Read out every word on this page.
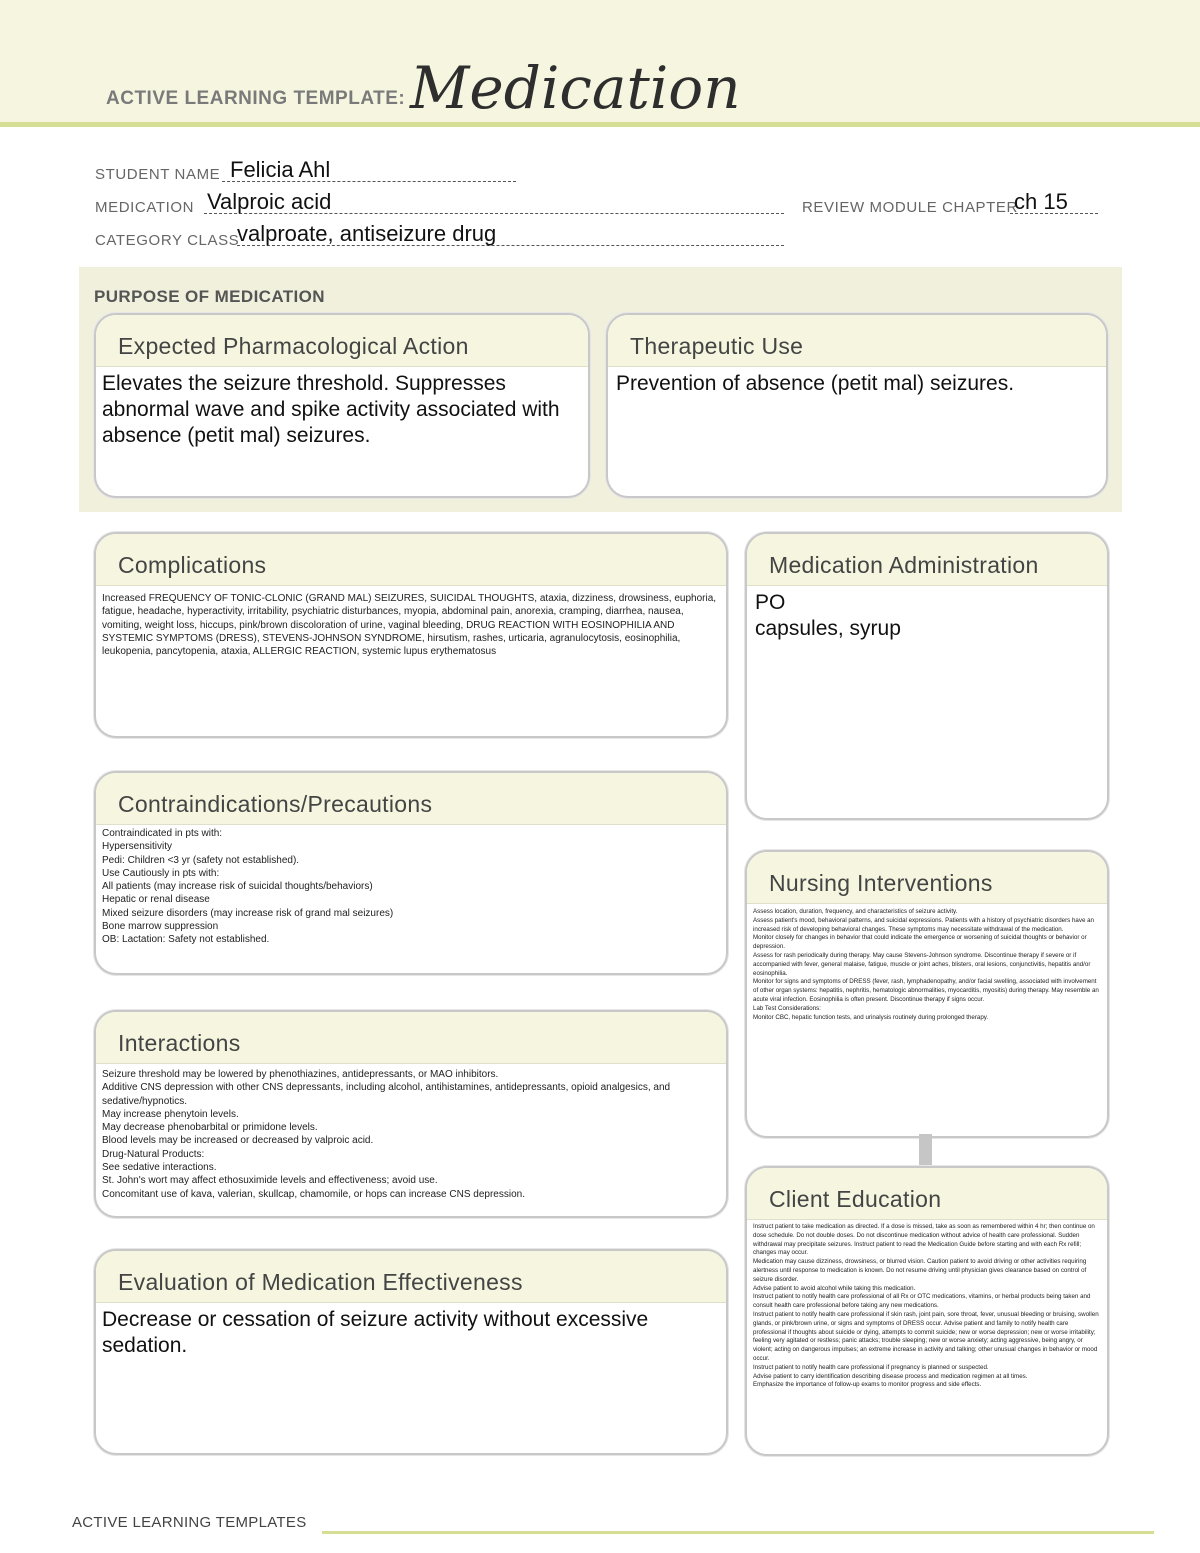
ACTIVE LEARNING TEMPLATE: Medication
STUDENT NAME Felicia Ahl
MEDICATION Valproic acid	REVIEW MODULE CHAPTER
ch 15
CATEGORY CLASS
valproate, antiseizure drug
PURPOSE OF MEDICATION
Expected Pharmacological Action
Elevates the seizure threshold. Suppresses abnormal wave and spike activity associated with absence (petit mal) seizures.
Therapeutic Use
Prevention of absence (petit mal) seizures.
Complications
Increased FREQUENCY OF TONIC-CLONIC (GRAND MAL) SEIZURES, SUICIDAL THOUGHTS, ataxia, dizziness, drowsiness, euphoria, fatigue, headache, hyperactivity, irritability, psychiatric disturbances, myopia, abdominal pain, anorexia, cramping, diarrhea, nausea, vomiting, weight loss, hiccups, pink/brown discoloration of urine, vaginal bleeding, DRUG REACTION WITH EOSINOPHILIA AND SYSTEMIC SYMPTOMS (DRESS), STEVENS-JOHNSON SYNDROME, hirsutism, rashes, urticaria, agranulocytosis, eosinophilia, leukopenia, pancytopenia, ataxia, ALLERGIC REACTION, systemic lupus erythematosus
Medication Administration
PO
capsules, syrup
Contraindications/Precautions
Contraindicated in pts with:
Hypersensitivity
Pedi: Children <3 yr (safety not established).
Use Cautiously in pts with:
All patients (may increase risk of suicidal thoughts/behaviors)
Hepatic or renal disease
Mixed seizure disorders (may increase risk of grand mal seizures)
Bone marrow suppression
OB: Lactation: Safety not established.
Nursing Interventions
Assess location, duration, frequency, and characteristics of seizure activity.
Assess patient's mood, behavioral patterns, and suicidal expressions. Patients with a history of psychiatric disorders have an increased risk of developing behavioral changes. These symptoms may necessitate withdrawal of the medication.
Monitor closely for changes in behavior that could indicate the emergence or worsening of suicidal thoughts or behavior or depression.
Assess for rash periodically during therapy. May cause Stevens-Johnson syndrome. Discontinue therapy if severe or if accompanied with fever, general malaise, fatigue, muscle or joint aches, blisters, oral lesions, conjunctivitis, hepatitis and/or eosinophilia.
Monitor for signs and symptoms of DRESS (fever, rash, lymphadenopathy, and/or facial swelling, associated with involvement of other organ systems: hepatitis, nephritis, hematologic abnormalities, myocarditis, myositis) during therapy. May resemble an acute viral infection. Eosinophilia is often present. Discontinue therapy if signs occur.
Lab Test Considerations:
Monitor CBC, hepatic function tests, and urinalysis routinely during prolonged therapy.
Interactions
Seizure threshold may be lowered by phenothiazines, antidepressants, or MAO inhibitors.
Additive CNS depression with other CNS depressants, including alcohol, antihistamines, antidepressants, opioid analgesics, and sedative/hypnotics.
May increase phenytoin levels.
May decrease phenobarbital or primidone levels.
Blood levels may be increased or decreased by valproic acid.
Drug-Natural Products:
See sedative interactions.
St. John's wort may affect ethosuximide levels and effectiveness; avoid use.
Concomitant use of kava, valerian, skullcap, chamomile, or hops can increase CNS depression.	Client Education
Instruct patient to take medication as directed. If a dose is missed, take as soon as remembered within 4 hr; then continue on dose schedule. Do not double doses. Do not discontinue medication without advice of health care professional. Sudden withdrawal may precipitate seizures. Instruct patient to read the Medication Guide before starting and with each Rx refill; changes may occur.
Medication may cause dizziness, drowsiness, or blurred vision. Caution patient to avoid driving or other activities requiring alertness until response to medication is known. Do not resume driving until physician gives clearance based on control of seizure disorder.
Advise patient to avoid alcohol while taking this medication.
Instruct patient to notify health care professional of all Rx or OTC medications, vitamins, or herbal products being taken and consult health care professional before taking any new medications.
Instruct patient to notify health care professional if skin rash, joint pain, sore throat, fever, unusual bleeding or bruising, swollen glands, or pink/brown urine, or signs and symptoms of DRESS occur. Advise patient and family to notify health care professional if thoughts about suicide or dying, attempts to commit suicide; new or worse depression; new or worse irritability; feeling very agitated or restless; panic attacks; trouble sleeping; new or worse anxiety; acting aggressive, being angry, or violent; acting on dangerous impulses; an extreme increase in activity and talking; other unusual changes in behavior or mood occur.
Instruct patient to notify health care professional if pregnancy is planned or suspected.
Advise patient to carry identification describing disease process and medication regimen at all times.
Emphasize the importance of follow-up exams to monitor progress and side effects.
Evaluation of Medication Effectiveness
Decrease or cessation of seizure activity without excessive sedation.
ACTIVE LEARNING TEMPLATES
